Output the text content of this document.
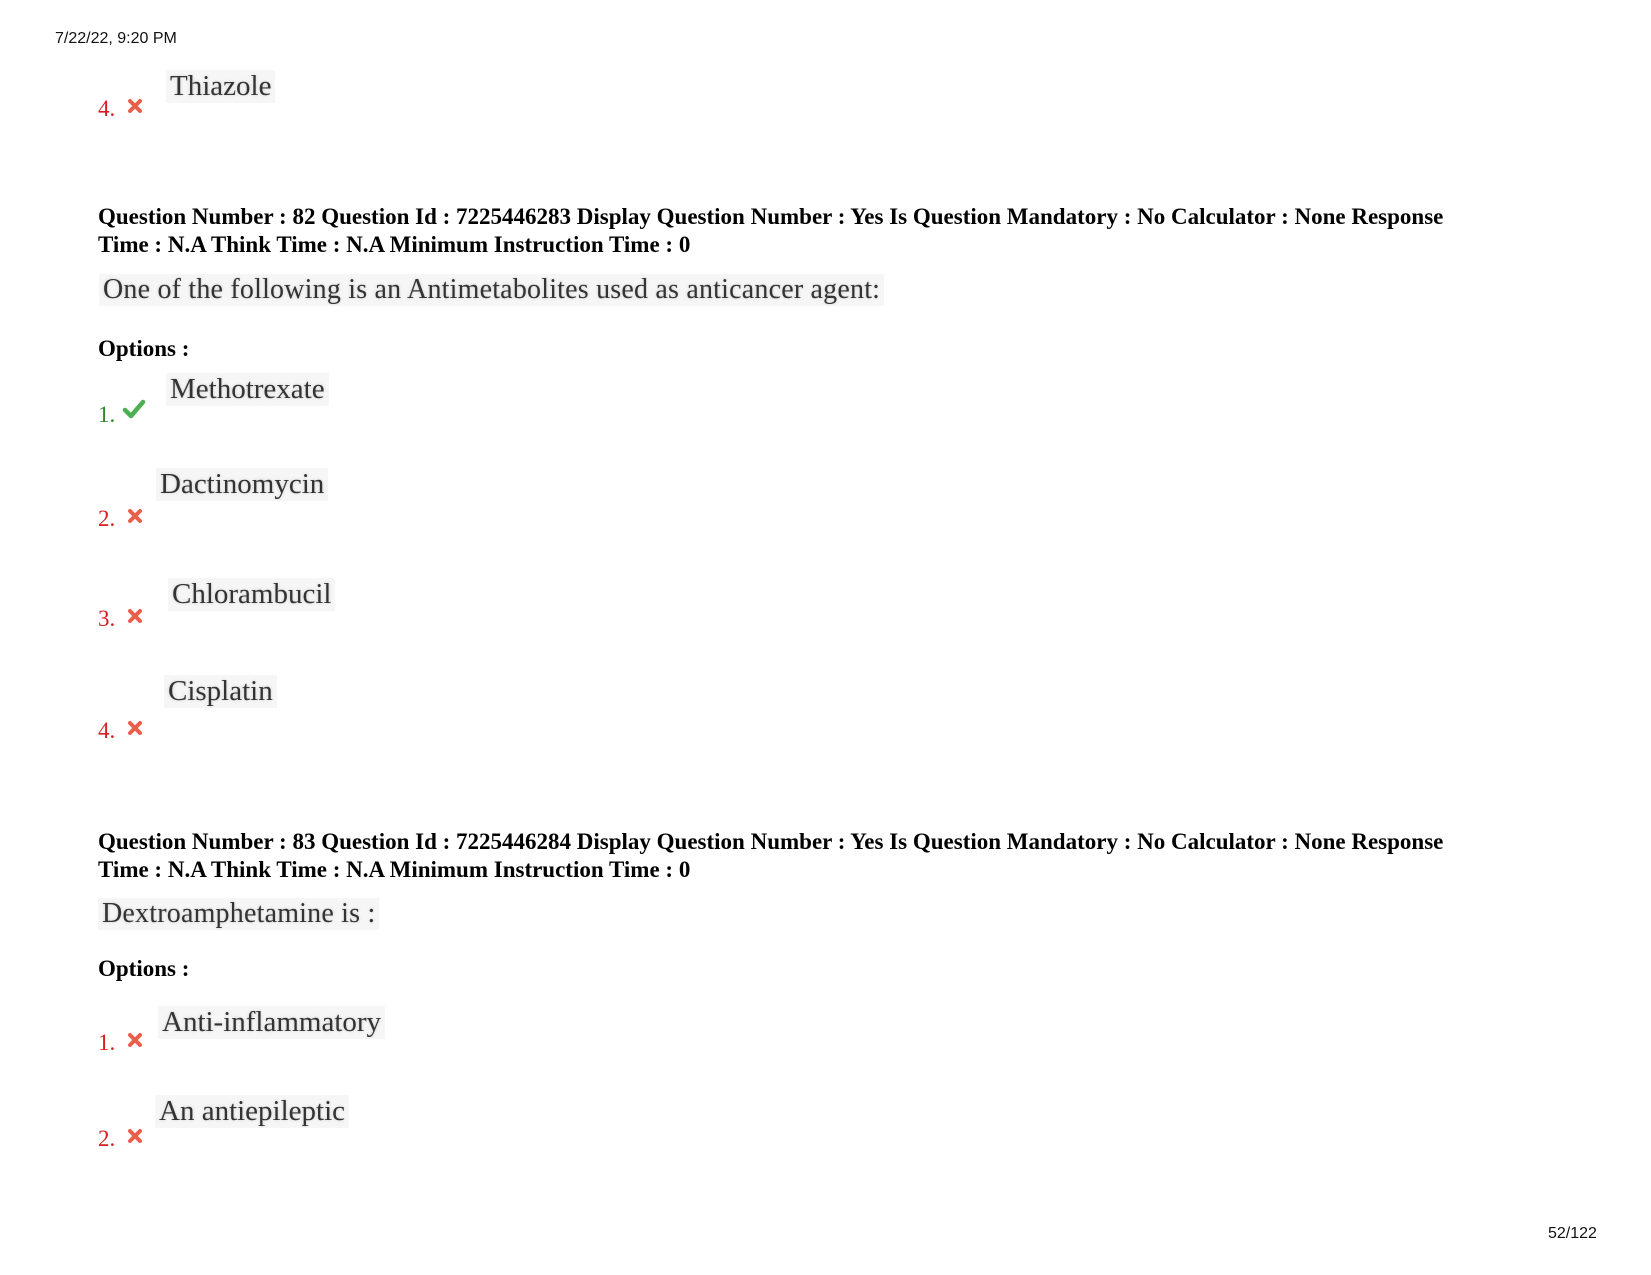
7/22/22, 9:20 PM
4.
Thiazole
Question Number : 82 Question Id : 7225446283 Display Question Number : Yes Is Question Mandatory : No Calculator : None Response
Time : N.A Think Time : N.A Minimum Instruction Time : 0
One of the following is an Antimetabolites used as anticancer agent:
Options :
1.
Methotrexate
2.
Dactinomycin
3.
Chlorambucil
4.
Cisplatin
Question Number : 83 Question Id : 7225446284 Display Question Number : Yes Is Question Mandatory : No Calculator : None Response
Time : N.A Think Time : N.A Minimum Instruction Time : 0
Dextroamphetamine is :
Options :
1.
Anti-inflammatory
2.
An antiepileptic
52/122
